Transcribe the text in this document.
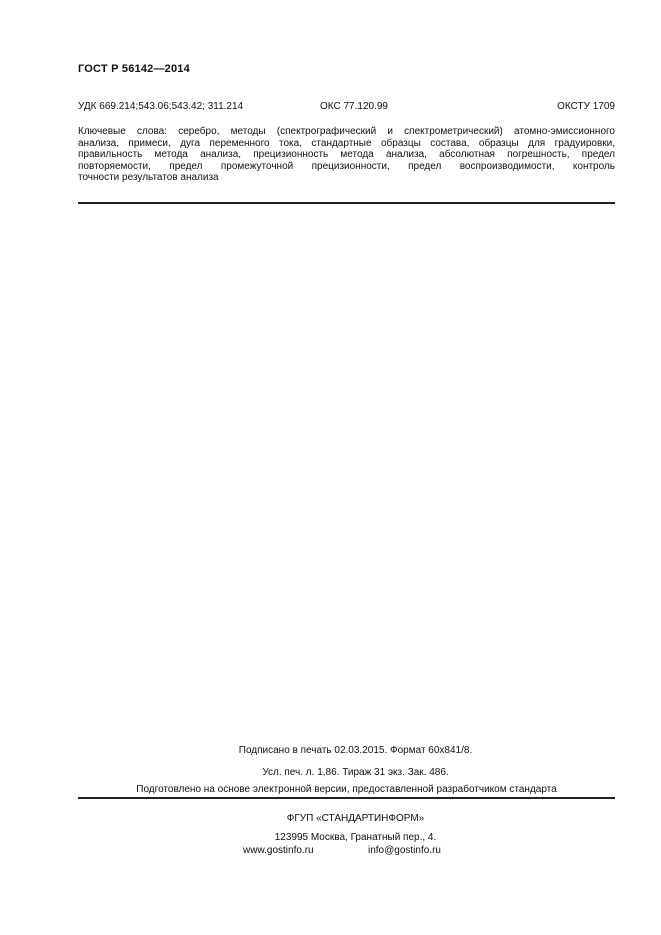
ГОСТ Р 56142—2014
УДК 669.214;543.06;543.42; 311.214	ОКС 77.120.99	ОКСТУ 1709
Ключевые слова: серебро, методы (спектрографический и спектрометрический) атомно-эмиссионного
анализа, примеси, дуга переменного тока, стандартные образцы состава, образцы для градуировки,
правильность метода анализа, прецизионность метода анализа, абсолютная погрешность, предел
повторяемости, предел промежуточной прецизионности, предел воспроизводимости, контроль
точности результатов анализа
Подписано в печать 02.03.2015. Формат 60x841/8.
Усл. печ. л. 1,86. Тираж 31 экз. Зак. 486.
Подготовлено на основе электронной версии, предоставленной разработчиком стандарта
ФГУП «СТАНДАРТИНФОРМ»
123995 Москва, Гранатный пер., 4.
www.gostinfo.ru	info@gostinfo.ru
